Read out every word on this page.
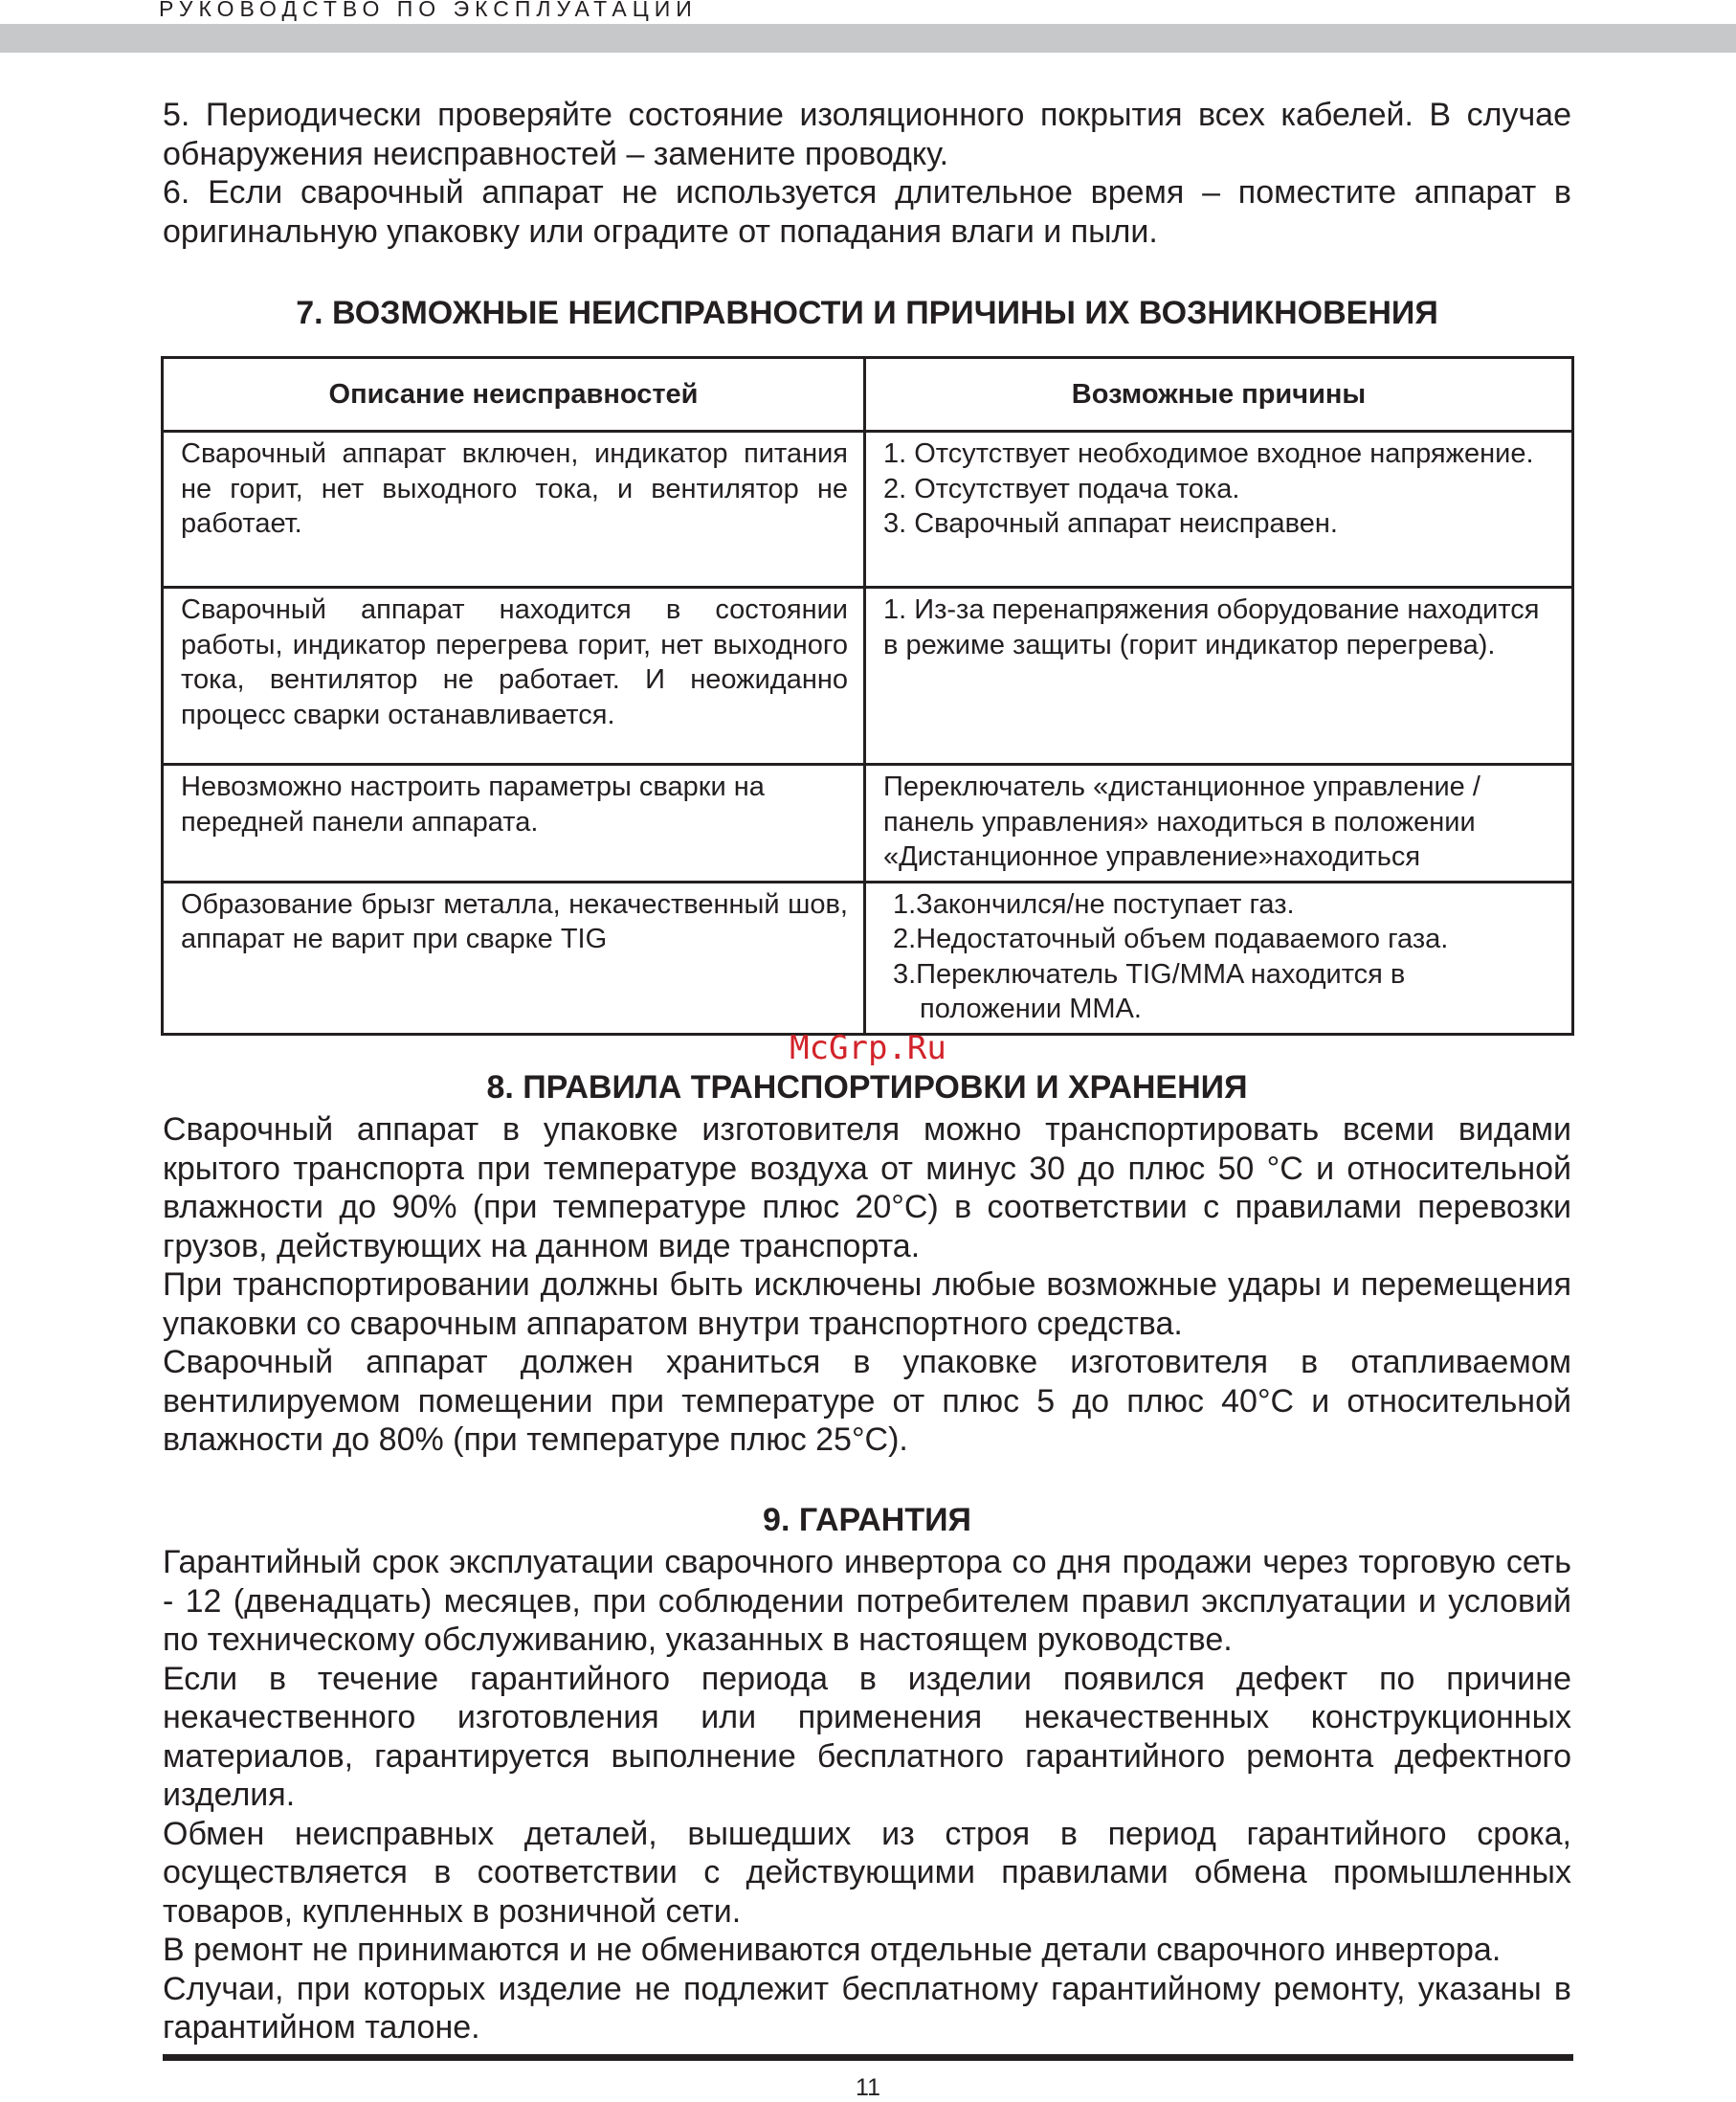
РУКОВОДСТВО ПО ЭКСПЛУАТАЦИИ

5. Периодически проверяйте состояние изоляционного покрытия всех кабелей. В случае обнаружения неисправностей – замените проводку.

6. Если сварочный аппарат не используется длительное время – поместите аппарат в оригинальную упаковку или оградите от попадания влаги и пыли.

7. ВОЗМОЖНЫЕ НЕИСПРАВНОСТИ И ПРИЧИНЫ ИХ ВОЗНИКНОВЕНИЯ
Описание неисправностей	Возможные причины
Сварочный аппарат включен, индикатор питания не горит, нет выходного тока, и вентилятор не работает.	1. Отсутствует необходимое входное напряжение.
2. Отсутствует подача тока.
3. Сварочный аппарат неисправен.

Сварочный аппарат находится в состоянии работы, индикатор перегрева горит, нет выходного тока, вентилятор не работает. И неожиданно процесс сварки останавливается.	1. Из-за перенапряжения оборудование находится в режиме защиты (горит индикатор перегрева).

Невозможно настроить параметры сварки на передней панели аппарата.	Переключатель «дистанционное управление /панель управления» находиться в положении «Дистанционное управление»находиться

Образование брызг металла, некачественный шов, аппарат не варит при сварке TIG	1.Закончился/не поступает газ.
2.Недостаточный объем подаваемого газа.
3.Переключатель TIG/MMA находится в
положении MMA.
McGrp.Ru
8. ПРАВИЛА ТРАНСПОРТИРОВКИ И ХРАНЕНИЯ

Сварочный аппарат в упаковке изготовителя можно транспортировать всеми видами крытого транспорта при температуре воздуха от минус 30 до плюс 50 °С и относительной влажности до 90% (при температуре плюс 20°С) в соответствии с правилами перевозки грузов, действующих на данном виде транспорта.

При транспортировании должны быть исключены любые возможные удары и перемещения упаковки со сварочным аппаратом внутри транспортного средства.

Сварочный аппарат должен храниться в упаковке изготовителя в отапливаемом вентилируемом помещении при температуре от плюс 5 до плюс 40°С и относительной влажности до 80% (при температуре плюс 25°С).

9. ГАРАНТИЯ

Гарантийный срок эксплуатации сварочного инвертора со дня продажи через торговую сеть - 12 (двенадцать) месяцев, при соблюдении потребителем правил эксплуатации и условий по техническому обслуживанию, указанных в настоящем руководстве.

Если в течение гарантийного периода в изделии появился дефект по причине некачественного изготовления или применения некачественных конструкционных материалов, гарантируется выполнение бесплатного гарантийного ремонта дефектного изделия.

Обмен неисправных деталей, вышедших из строя в период гарантийного срока, осуществляется в соответствии с действующими правилами обмена промышленных товаров, купленных в розничной сети.

В ремонт не принимаются и не обмениваются отдельные детали сварочного инвертора.

Случаи, при которых изделие не подлежит бесплатному гарантийному ремонту, указаны в гарантийном талоне.

11
